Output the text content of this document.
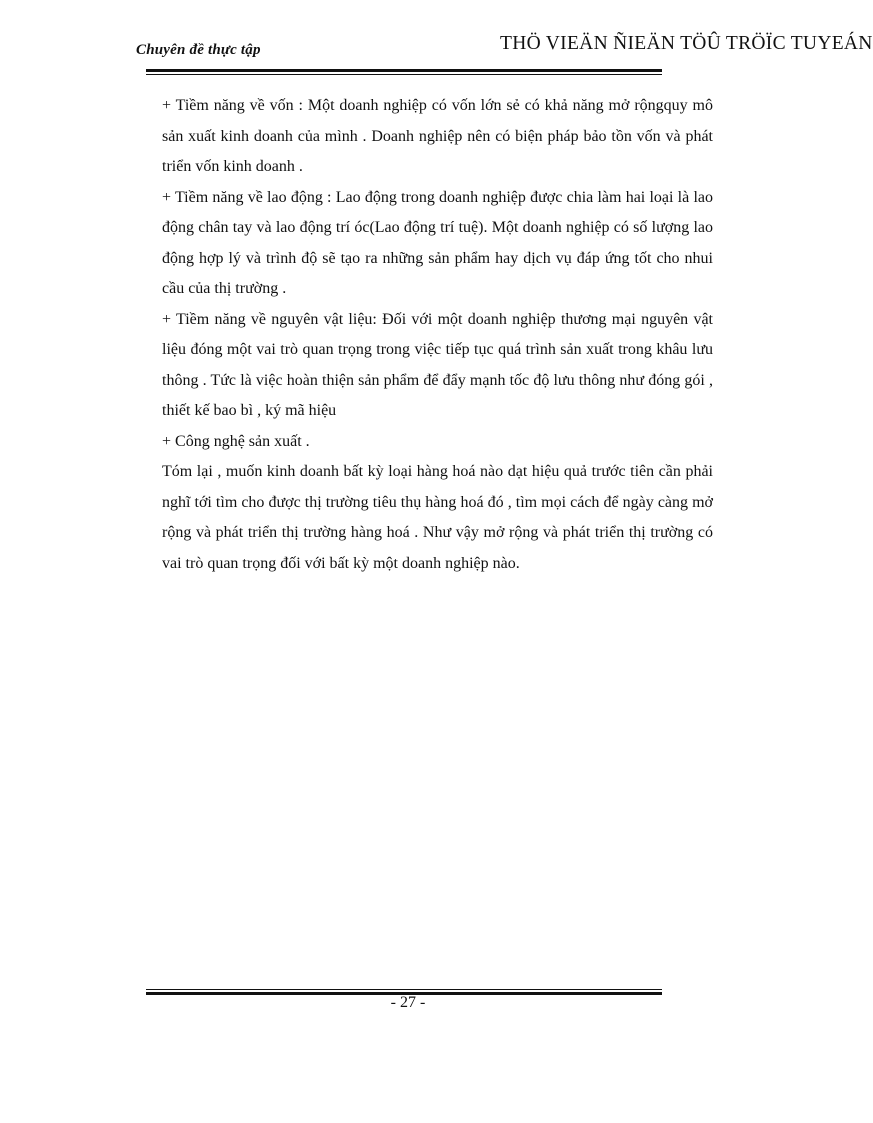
Chuyên đề thực tập	THÖ VIEÄN ÑIEÄN TÖÛ TRÖÏC TUYEÁN

+ Tiềm năng về vốn : Một doanh nghiệp có vốn lớn sẻ có khả năng mở rộngquy mô sản xuất kinh doanh của mình . Doanh nghiệp nên có biện pháp bảo tồn vốn và phát triển vốn kinh doanh .

+ Tiềm năng về lao động : Lao động trong doanh nghiệp được chia làm hai loại là lao động chân tay và lao động trí óc(Lao động trí tuệ). Một doanh nghiệp có số lượng lao động hợp lý và trình độ sẽ tạo ra những sản phẩm hay dịch vụ đáp ứng tốt cho nhui cầu của thị trường .

+ Tiềm năng về nguyên vật liệu: Đối với một doanh nghiệp thương mại nguyên vật liệu đóng một vai trò quan trọng trong việc tiếp tục quá trình sản xuất trong khâu lưu thông . Tức là việc hoàn thiện sản phẩm để đẩy mạnh tốc độ lưu thông như đóng gói , thiết kế bao bì , ký mã hiệu

+ Công nghệ sản xuất .

Tóm lại , muốn kinh doanh bất kỳ loại hàng hoá nào dạt hiệu quả trước tiên cần phải nghĩ tới tìm cho được thị trường tiêu thụ hàng hoá đó , tìm mọi cách để ngày càng mở rộng và phát triển thị trường hàng hoá . Như vậy mở rộng và phát triển thị trường có vai trò quan trọng đối với bất kỳ một doanh nghiệp nào.

- 27 -
